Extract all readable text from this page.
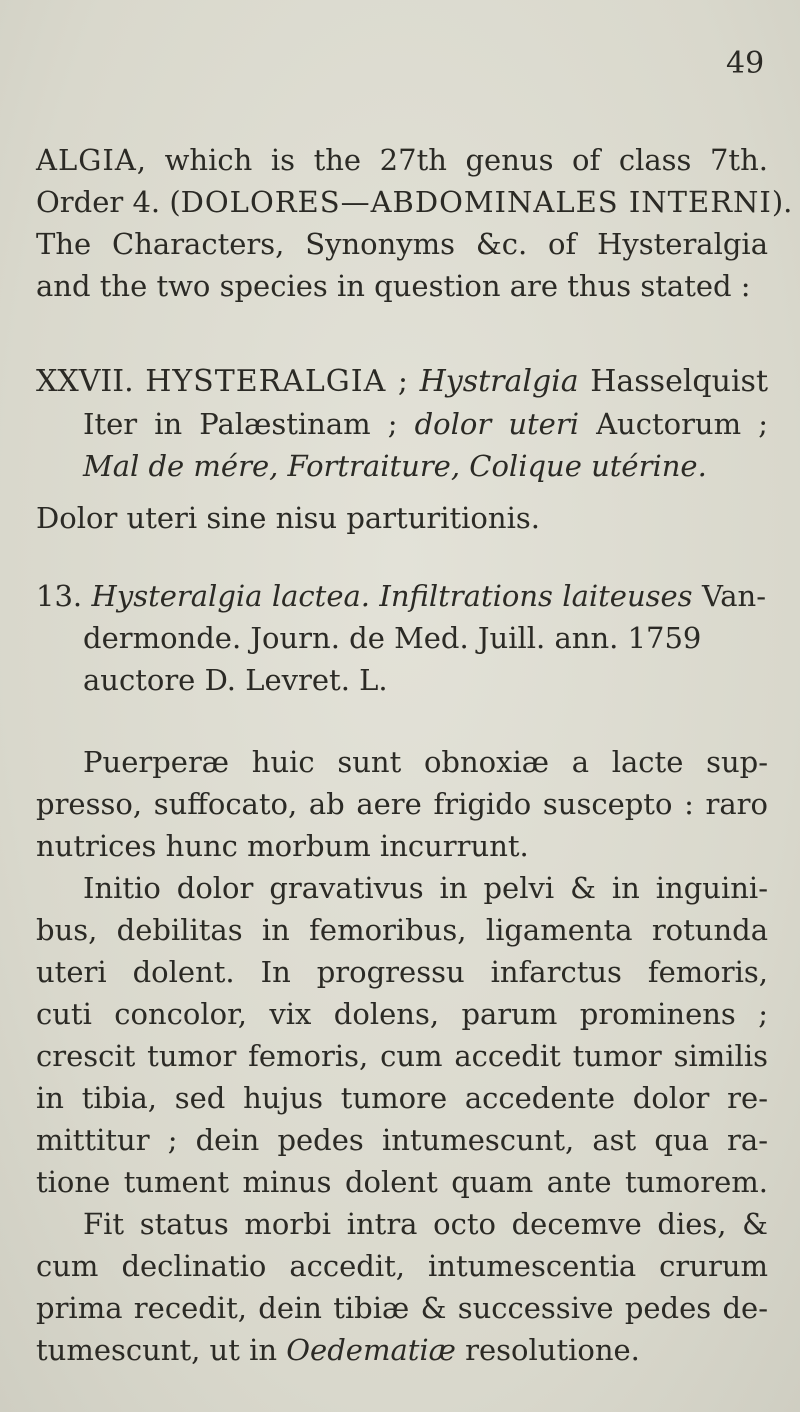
49
ALGIA, which is the 27th genus of class 7th.
Order 4. (DOLORES—ABDOMINALES INTERNI).
The Characters, Synonyms &c. of Hysteralgia
and the two species in question are thus stated :
XXVII. HYSTERALGIA ; Hystralgia Hasselquist
Iter in Palæstinam ; dolor uteri Auctorum ;
Mal de mére, Fortraiture, Colique utérine.
Dolor uteri sine nisu parturitionis.
13. Hysteralgia lactea. Infiltrations laiteuses Van-
dermonde. Journ. de Med. Juill. ann. 1759
auctore D. Levret. L.
Puerperæ huic sunt obnoxiæ a lacte sup-
presso, suffocato, ab aere frigido suscepto : raro
nutrices hunc morbum incurrunt.
Initio dolor gravativus in pelvi & in inguini-
bus, debilitas in femoribus, ligamenta rotunda
uteri dolent. In progressu infarctus femoris,
cuti concolor, vix dolens, parum prominens ;
crescit tumor femoris, cum accedit tumor similis
in tibia, sed hujus tumore accedente dolor re-
mittitur ; dein pedes intumescunt, ast qua ra-
tione tument minus dolent quam ante tumorem.
Fit status morbi intra octo decemve dies, &
cum declinatio accedit, intumescentia crurum
prima recedit, dein tibiæ & successive pedes de-
tumescunt, ut in Oedematiæ resolutione.
